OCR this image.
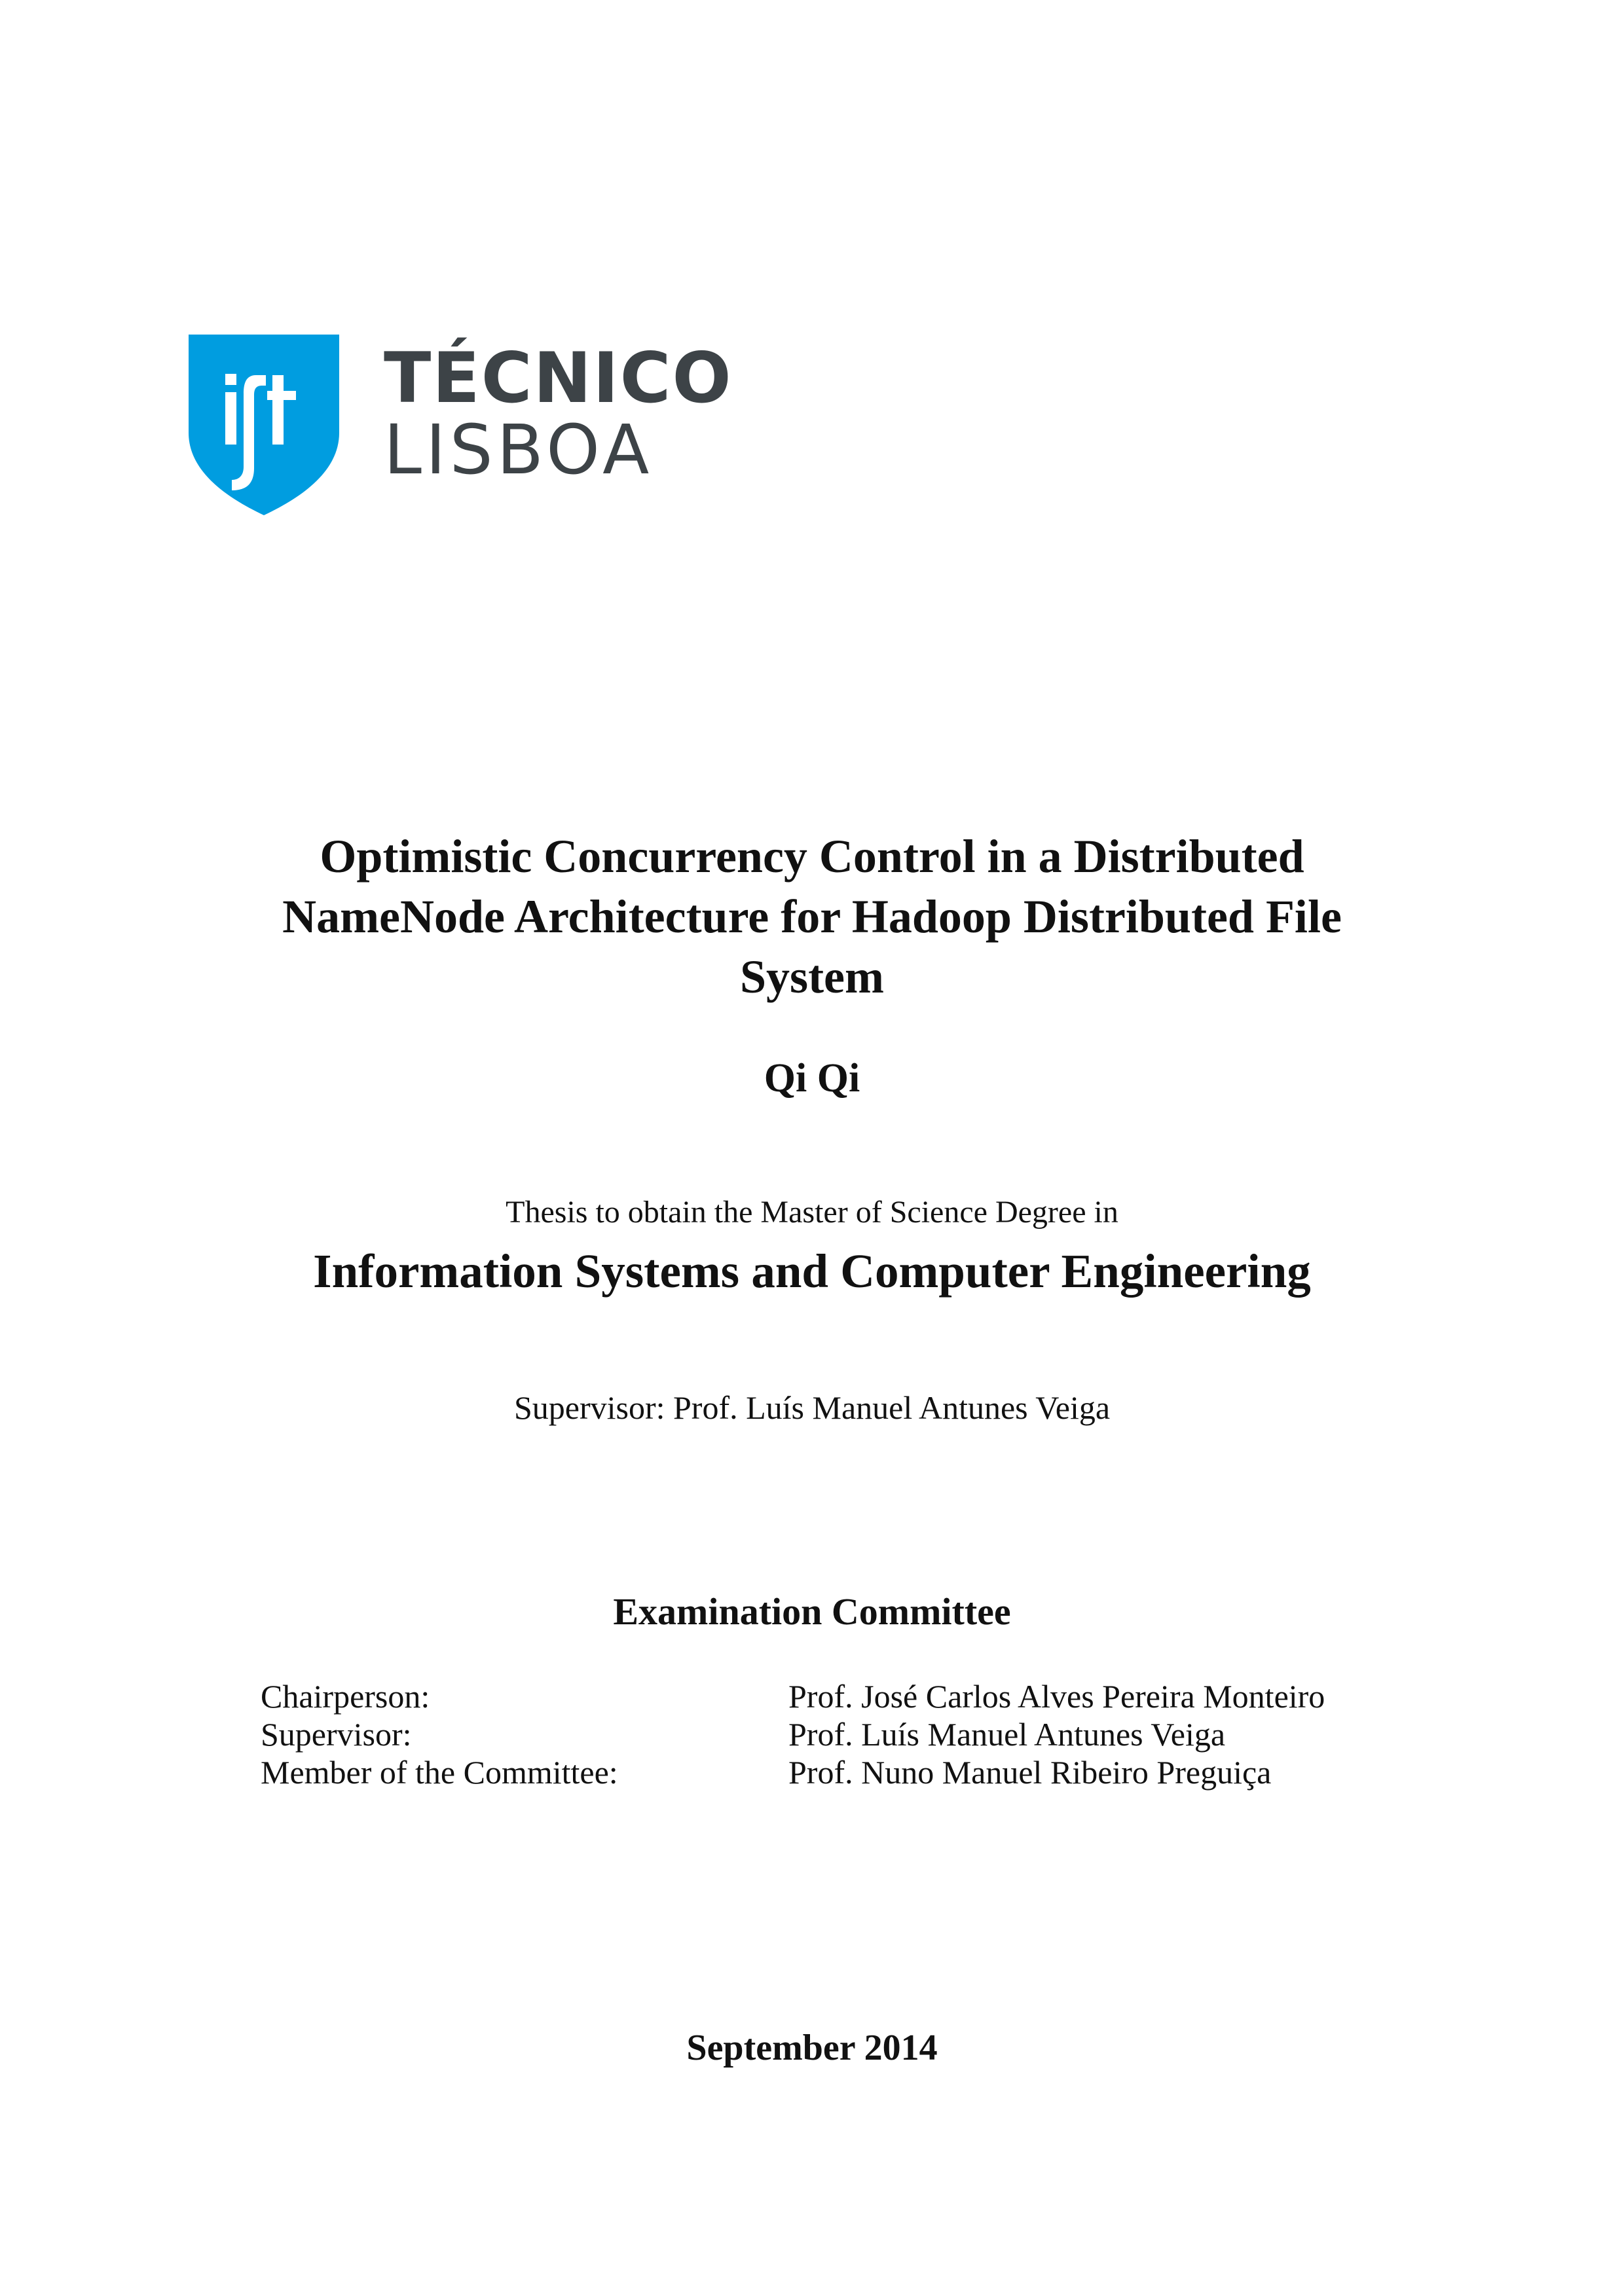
TÉCNICO
LISBOA
Optimistic Concurrency Control in a Distributed NameNode Architecture for Hadoop Distributed File System
Qi Qi
Thesis to obtain the Master of Science Degree in
Information Systems and Computer Engineering
Supervisor: Prof. Luís Manuel Antunes Veiga
Examination Committee
Chairperson:	Prof. José Carlos Alves Pereira Monteiro
Supervisor:	Prof. Luís Manuel Antunes Veiga
Member of the Committee:	Prof. Nuno Manuel Ribeiro Preguiça
September 2014
